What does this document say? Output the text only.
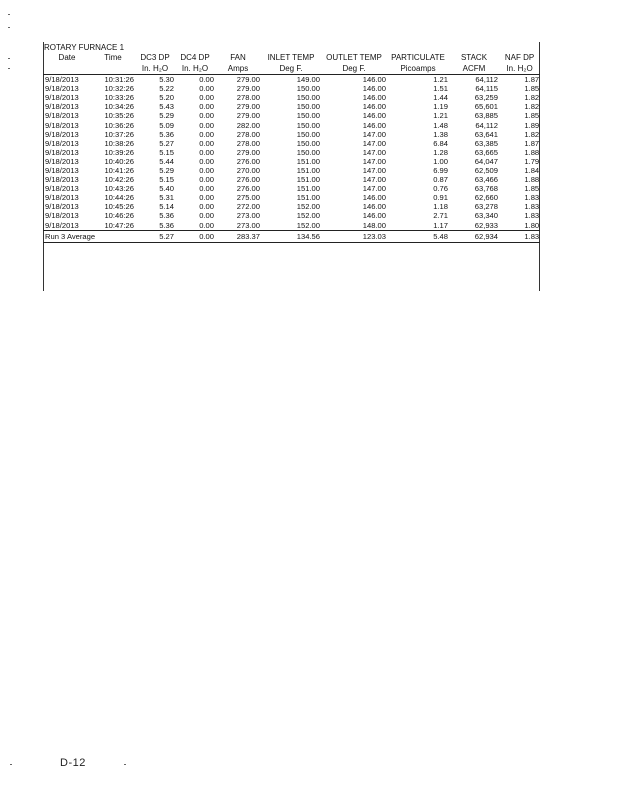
ROTARY FURNACE 1									
Date	Time	DC3 DP	DC4 DP	FAN	INLET TEMP	OUTLET TEMP	PARTICULATE	STACK	NAF DP
		In. H₂O	In. H₂O	Amps	Deg F.	Deg F.	Picoamps	ACFM	In. H₂O
9/18/2013	10:31:26	5.30	0.00	279.00	149.00	146.00	1.21	64,112	1.87
9/18/2013	10:32:26	5.22	0.00	279.00	150.00	146.00	1.51	64,115	1.85
9/18/2013	10:33:26	5.20	0.00	278.00	150.00	146.00	1.44	63,259	1.82
9/18/2013	10:34:26	5.43	0.00	279.00	150.00	146.00	1.19	65,601	1.82
9/18/2013	10:35:26	5.29	0.00	279.00	150.00	146.00	1.21	63,885	1.85
9/18/2013	10:36:26	5.09	0.00	282.00	150.00	146.00	1.48	64,112	1.89
9/18/2013	10:37:26	5.36	0.00	278.00	150.00	147.00	1.38	63,641	1.82
9/18/2013	10:38:26	5.27	0.00	278.00	150.00	147.00	6.84	63,385	1.87
9/18/2013	10:39:26	5.15	0.00	279.00	150.00	147.00	1.28	63,665	1.88
9/18/2013	10:40:26	5.44	0.00	276.00	151.00	147.00	1.00	64,047	1.79
9/18/2013	10:41:26	5.29	0.00	270.00	151.00	147.00	6.99	62,509	1.84
9/18/2013	10:42:26	5.15	0.00	276.00	151.00	147.00	0.87	63,466	1.88
9/18/2013	10:43:26	5.40	0.00	276.00	151.00	147.00	0.76	63,768	1.85
9/18/2013	10:44:26	5.31	0.00	275.00	151.00	146.00	0.91	62,660	1.83
9/18/2013	10:45:26	5.14	0.00	272.00	152.00	146.00	1.18	63,278	1.83
9/18/2013	10:46:26	5.36	0.00	273.00	152.00	146.00	2.71	63,340	1.83
9/18/2013	10:47:26	5.36	0.00	273.00	152.00	148.00	1.17	62,933	1.80
Run 3 Average		5.27	0.00	283.37	134.56	123.03	5.48	62,934	1.83
D-12
